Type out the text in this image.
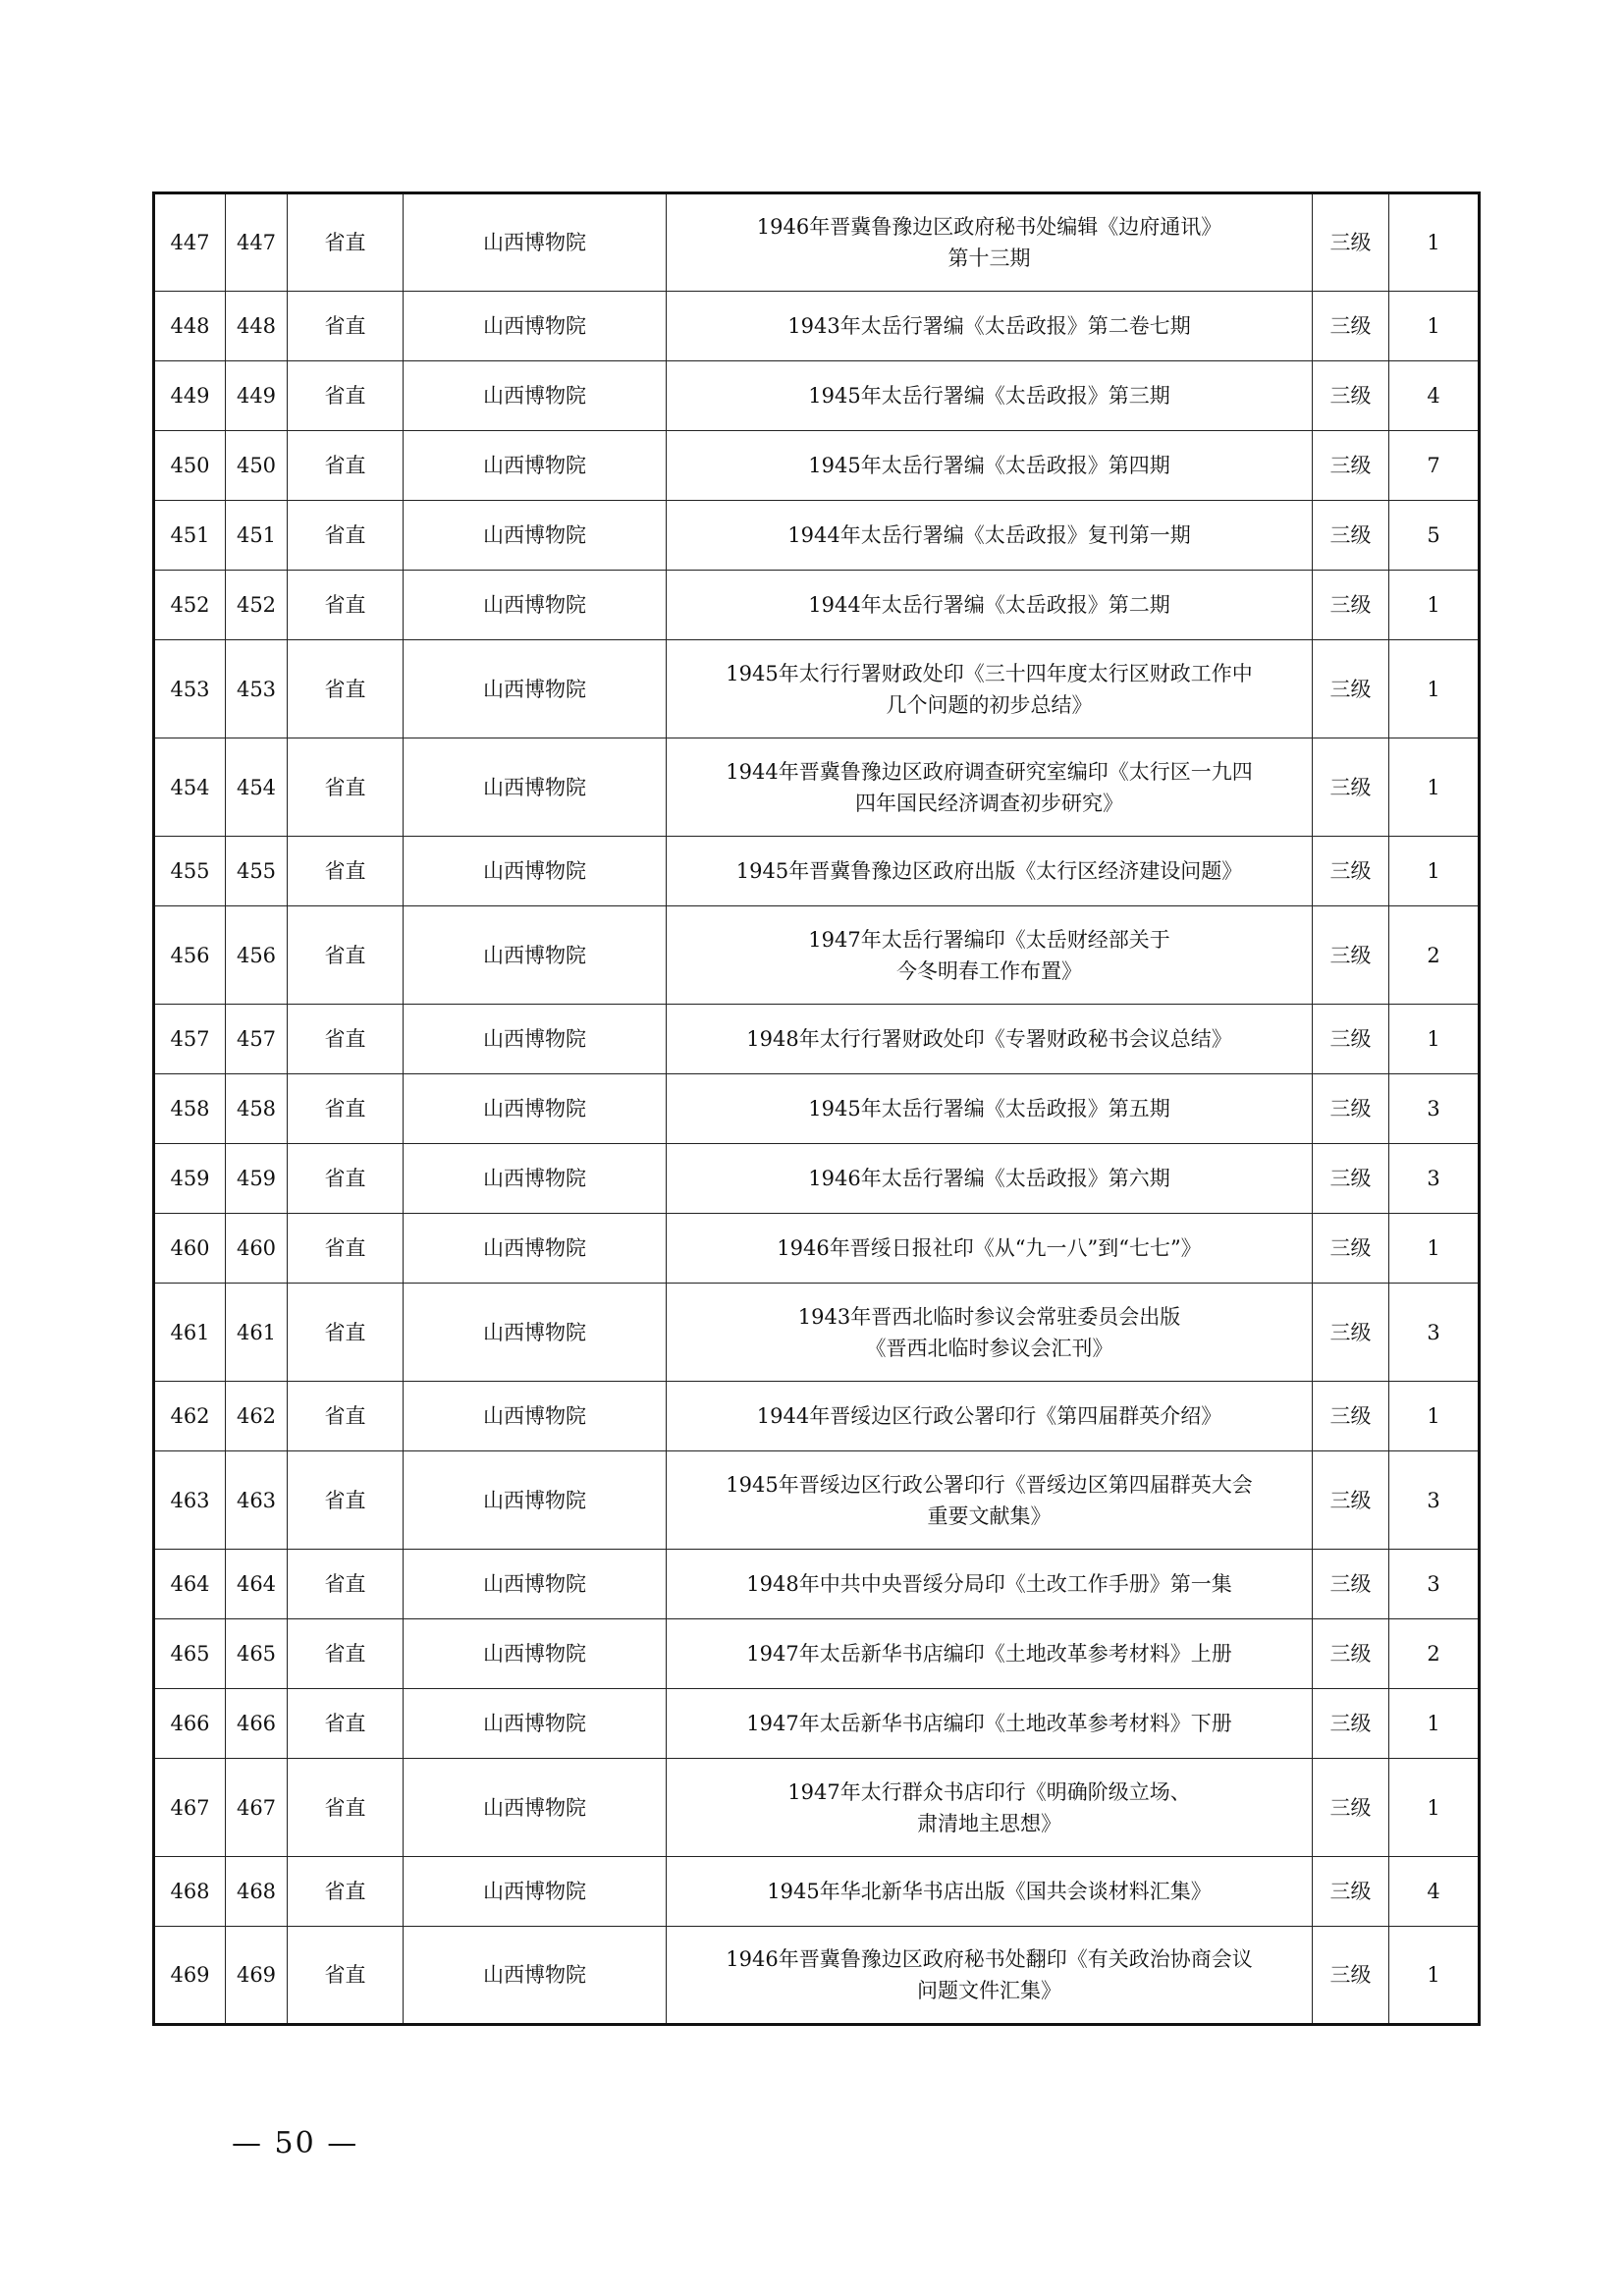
447	447	省直	山西博物院	1946年晋冀鲁豫边区政府秘书处编辑《边府通讯》
第十三期	三级	1
448	448	省直	山西博物院	1943年太岳行署编《太岳政报》第二卷七期	三级	1
449	449	省直	山西博物院	1945年太岳行署编《太岳政报》第三期	三级	4
450	450	省直	山西博物院	1945年太岳行署编《太岳政报》第四期	三级	7
451	451	省直	山西博物院	1944年太岳行署编《太岳政报》复刊第一期	三级	5
452	452	省直	山西博物院	1944年太岳行署编《太岳政报》第二期	三级	1
453	453	省直	山西博物院	1945年太行行署财政处印《三十四年度太行区财政工作中
几个问题的初步总结》	三级	1
454	454	省直	山西博物院	1944年晋冀鲁豫边区政府调查研究室编印《太行区一九四
四年国民经济调查初步研究》	三级	1
455	455	省直	山西博物院	1945年晋冀鲁豫边区政府出版《太行区经济建设问题》	三级	1
456	456	省直	山西博物院	1947年太岳行署编印《太岳财经部关于
今冬明春工作布置》	三级	2
457	457	省直	山西博物院	1948年太行行署财政处印《专署财政秘书会议总结》	三级	1
458	458	省直	山西博物院	1945年太岳行署编《太岳政报》第五期	三级	3
459	459	省直	山西博物院	1946年太岳行署编《太岳政报》第六期	三级	3
460	460	省直	山西博物院	1946年晋绥日报社印《从“九一八”到“七七”》	三级	1
461	461	省直	山西博物院	1943年晋西北临时参议会常驻委员会出版
《晋西北临时参议会汇刊》	三级	3
462	462	省直	山西博物院	1944年晋绥边区行政公署印行《第四届群英介绍》	三级	1
463	463	省直	山西博物院	1945年晋绥边区行政公署印行《晋绥边区第四届群英大会
重要文献集》	三级	3
464	464	省直	山西博物院	1948年中共中央晋绥分局印《土改工作手册》第一集	三级	3
465	465	省直	山西博物院	1947年太岳新华书店编印《土地改革参考材料》上册	三级	2
466	466	省直	山西博物院	1947年太岳新华书店编印《土地改革参考材料》下册	三级	1
467	467	省直	山西博物院	1947年太行群众书店印行《明确阶级立场、
肃清地主思想》	三级	1
468	468	省直	山西博物院	1945年华北新华书店出版《国共会谈材料汇集》	三级	4
469	469	省直	山西博物院	1946年晋冀鲁豫边区政府秘书处翻印《有关政治协商会议
问题文件汇集》	三级	1
— 50 —
